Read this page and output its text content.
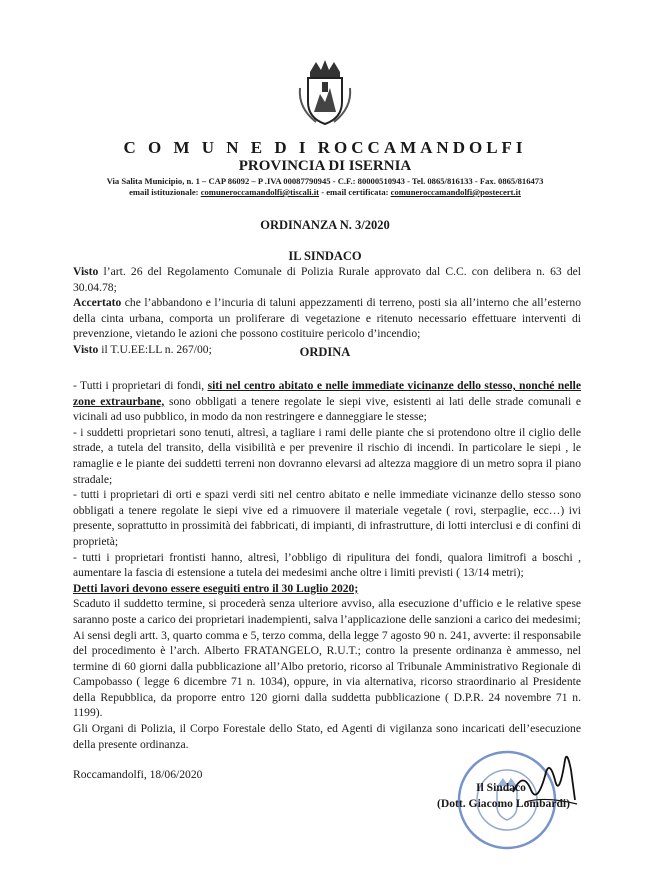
C O M U N E D I ROCCAMANDOLFI
PROVINCIA DI ISERNIA
Via Salita Municipio, n. 1 – CAP 86092 – P .IVA 00087790945 - C.F.: 80000510943 - Tel. 0865/816133 - Fax. 0865/816473
email istituzionale: comuneroccamandolfi@tiscali.it - email certificata: comuneroccamandolfi@postecert.it
ORDINANZA N. 3/2020
IL SINDACO
Visto l’art. 26 del Regolamento Comunale di Polizia Rurale approvato dal C.C. con delibera n. 63 del 30.04.78;
Accertato che l’abbandono e l’incuria di taluni appezzamenti di terreno, posti sia all’interno che all’esterno della cinta urbana, comporta un proliferare di vegetazione e ritenuto necessario effettuare interventi di prevenzione, vietando le azioni che possono costituire pericolo d’incendio;
Visto il T.U.EE:LL n. 267/00;	ORDINA
- Tutti i proprietari di fondi, siti nel centro abitato e nelle immediate vicinanze dello stesso, nonché nelle zone extraurbane, sono obbligati a tenere regolate le siepi vive, esistenti ai lati delle strade comunali e vicinali ad uso pubblico, in modo da non restringere e danneggiare le stesse;
- i suddetti proprietari sono tenuti, altresì, a tagliare i rami delle piante che si protendono oltre il ciglio delle strade, a tutela del transito, della visibilità e per prevenire il rischio di incendi. In particolare le siepi , le ramaglie e le piante dei suddetti terreni non dovranno elevarsi ad altezza maggiore di un metro sopra il piano stradale;
- tutti i proprietari di orti e spazi verdi siti nel centro abitato e nelle immediate vicinanze dello stesso sono obbligati a tenere regolate le siepi vive ed a rimuovere il materiale vegetale ( rovi, sterpaglie, ecc…) ivi presente, soprattutto in prossimità dei fabbricati, di impianti, di infrastrutture, di lotti interclusi e di confini di proprietà;
- tutti i proprietari frontisti hanno, altresì, l’obbligo di ripulitura dei fondi, qualora limitrofi a boschi , aumentare la fascia di estensione a tutela dei medesimi anche oltre i limiti previsti ( 13/14 metri);
Detti lavori devono essere eseguiti entro il 30 Luglio 2020;
Scaduto il suddetto termine, si procederà senza ulteriore avviso, alla esecuzione d’ufficio e le relative spese saranno poste a carico dei proprietari inadempienti, salva l’applicazione delle sanzioni a carico dei medesimi;
Ai sensi degli artt. 3, quarto comma e 5, terzo comma, della legge 7 agosto 90 n. 241, avverte: il responsabile del procedimento è l’arch. Alberto FRATANGELO, R.U.T.; contro la presente ordinanza è ammesso, nel termine di 60 giorni dalla pubblicazione all’Albo pretorio, ricorso al Tribunale Amministrativo Regionale di Campobasso ( legge 6 dicembre 71 n. 1034), oppure, in via alternativa, ricorso straordinario al Presidente della Repubblica, da proporre entro 120 giorni dalla suddetta pubblicazione ( D.P.R. 24 novembre 71 n. 1199).
Gli Organi di Polizia, il Corpo Forestale dello Stato, ed Agenti di vigilanza sono incaricati dell’esecuzione della presente ordinanza.
Roccamandolfi, 18/06/2020
Il Sindaco
(Dott. Giacomo Lombardi)
